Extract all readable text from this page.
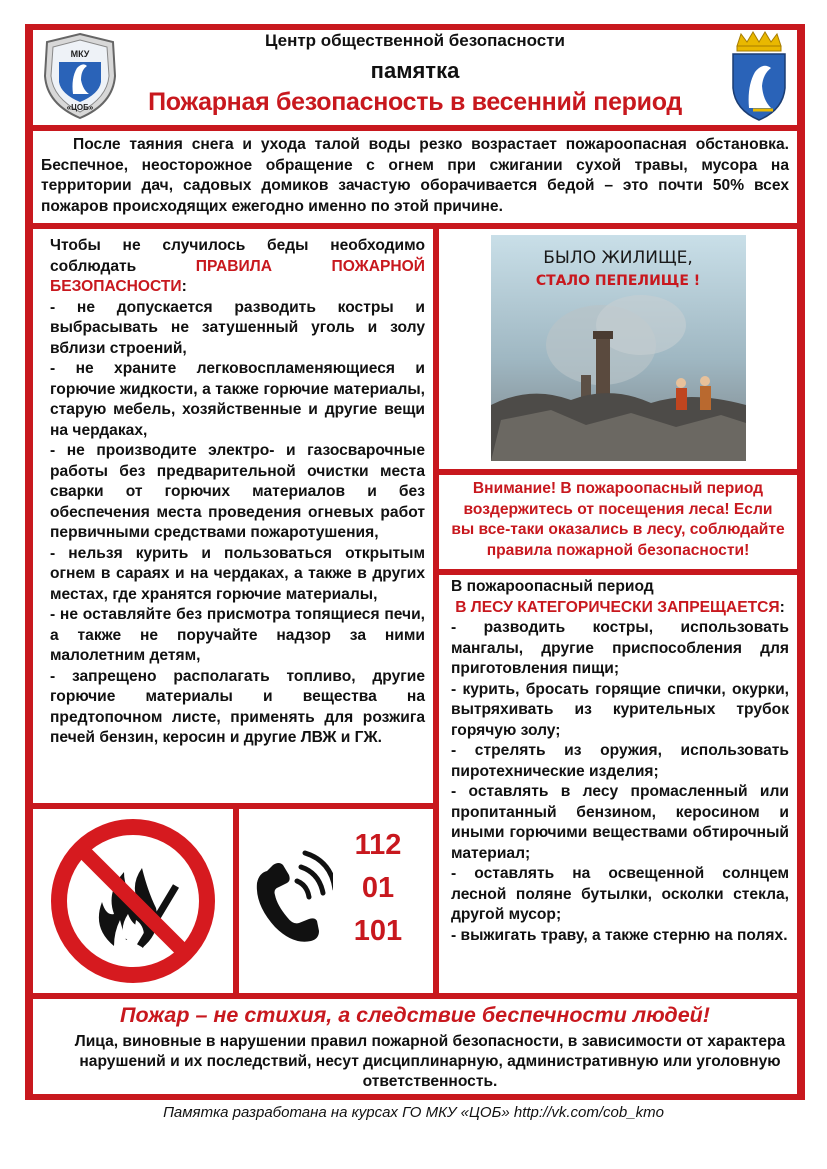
МКУ
«ЦОБ»
Центр общественной безопасности
памятка
Пожарная безопасность в весенний период
После таяния снега и ухода талой воды резко возрастает пожароопасная обстановка. Беспечное, неосторожное обращение с огнем при сжигании сухой травы, мусора на территории дач, садовых домиков зачастую оборачивается бедой – это почти 50% всех пожаров происходящих ежегодно именно по этой причине.
Чтобы не случилось беды необходимо соблюдать	ПРАВИЛА ПОЖАРНОЙ БЕЗОПАСНОСТИ:
- не допускается разводить костры и выбрасывать не затушенный уголь и золу вблизи строений,
- не храните легковоспламеняющиеся и горючие жидкости, а также горючие материалы, старую мебель, хозяйственные и другие вещи на чердаках,
- не производите электро- и газосварочные работы без предварительной очистки места сварки от горючих материалов и без обеспечения места проведения огневых работ первичными средствами пожаротушения,
- нельзя курить и пользоваться открытым огнем в сараях и на чердаках, а также в других местах, где хранятся горючие материалы,
- не оставляйте без присмотра топящиеся печи, а также не поручайте надзор за ними малолетним детям,
- запрещено располагать топливо, другие горючие материалы и вещества на предтопочном листе, применять для розжига печей бензин, керосин и другие ЛВЖ и ГЖ.
БЫЛО ЖИЛИЩЕ,
СТАЛО ПЕПЕЛИЩЕ !
Внимание! В пожароопасный период воздержитесь от посещения леса! Если вы все-таки оказались в лесу, соблюдайте правила пожарной безопасности!
В пожароопасный период
В ЛЕСУ КАТЕГОРИЧЕСКИ ЗАПРЕЩАЕТСЯ:
- разводить костры, использовать мангалы, другие приспособления для приготовления пищи;
- курить, бросать горящие спички, окурки, вытряхивать из курительных трубок горячую золу;
- стрелять из оружия, использовать пиротехнические изделия;
- оставлять в лесу промасленный или пропитанный бензином, керосином и иными горючими веществами обтирочный материал;
- оставлять на освещенной солнцем лесной поляне бутылки, осколки стекла, другой мусор;
- выжигать траву, а также стерню на полях.
112
01
101
Пожар – не стихия, а следствие беспечности людей!
Лица, виновные в нарушении правил пожарной безопасности, в зависимости от характера нарушений и их последствий, несут дисциплинарную, административную или уголовную ответственность.
Памятка разработана на курсах ГО МКУ «ЦОБ» http://vk.com/cob_kmo
